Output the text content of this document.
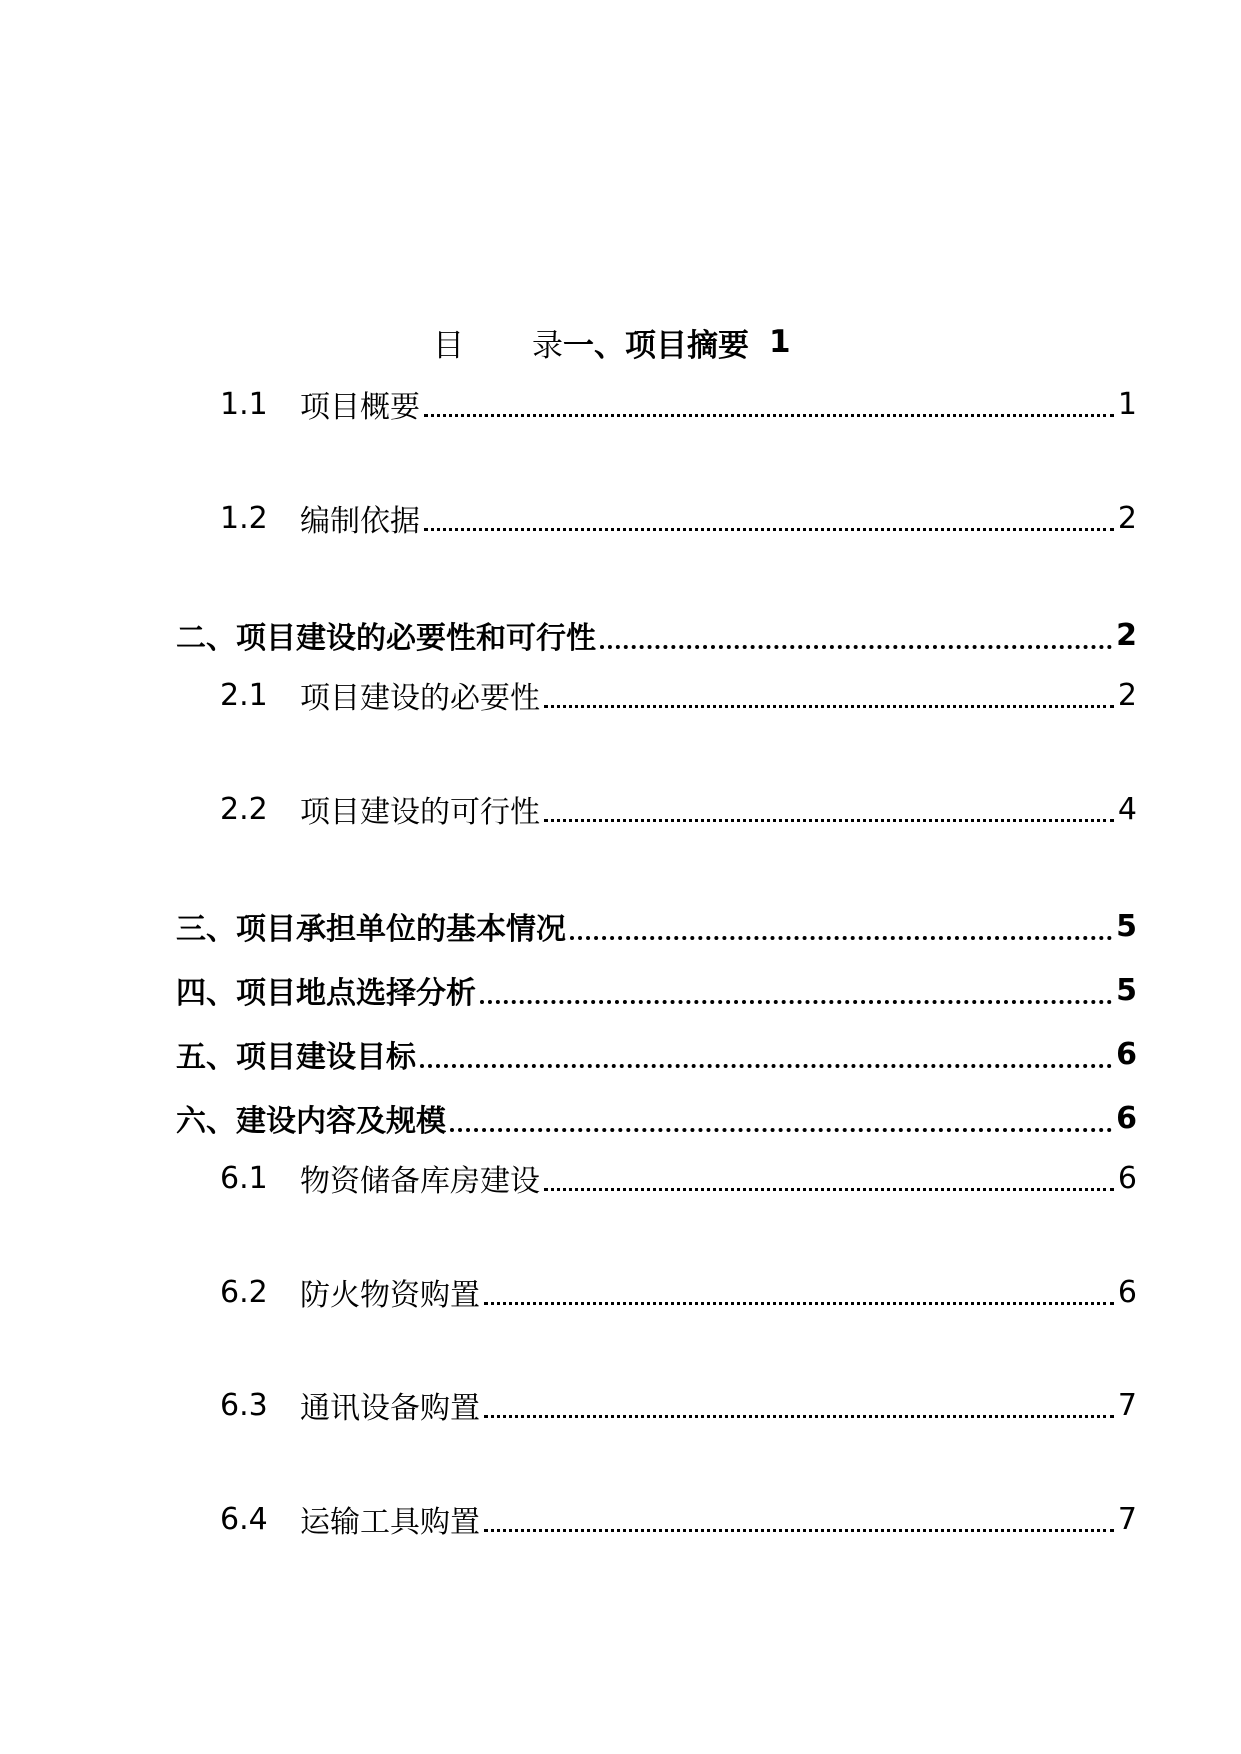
目 录 一、项目摘要 1
1.1 项目概要	1
1.2 编制依据	2
二、项目建设的必要性和可行性	2
2.1 项目建设的必要性	2
2.2 项目建设的可行性	4
三、项目承担单位的基本情况	5
四、项目地点选择分析	5
五、项目建设目标	6
六、建设内容及规模	6
6.1 物资储备库房建设	6
6.2 防火物资购置	6
6.3 通讯设备购置	7
6.4 运输工具购置	7
